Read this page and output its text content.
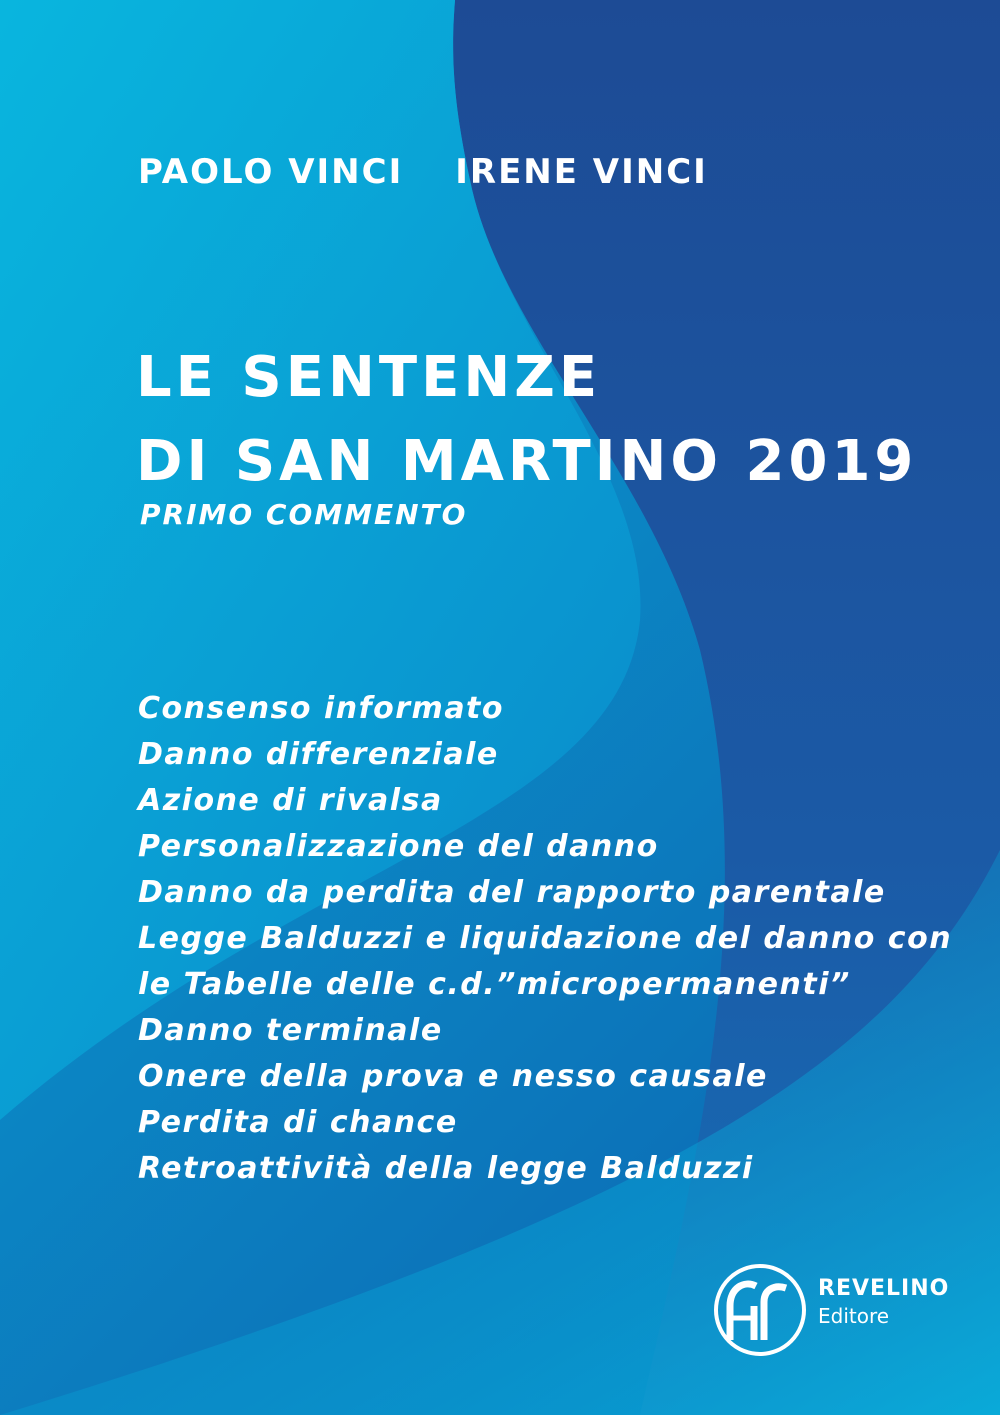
PAOLO VINCI IRENE VINCI
LE SENTENZE
DI SAN MARTINO 2019
PRIMO COMMENTO
Consenso informato
Danno differenziale
Azione di rivalsa
Personalizzazione del danno
Danno da perdita del rapporto parentale
Legge Balduzzi e liquidazione del danno con
le Tabelle delle c.d.”micropermanenti”
Danno terminale
Onere della prova e nesso causale
Perdita di chance
Retroattività della legge Balduzzi
REVELINO
Editore
